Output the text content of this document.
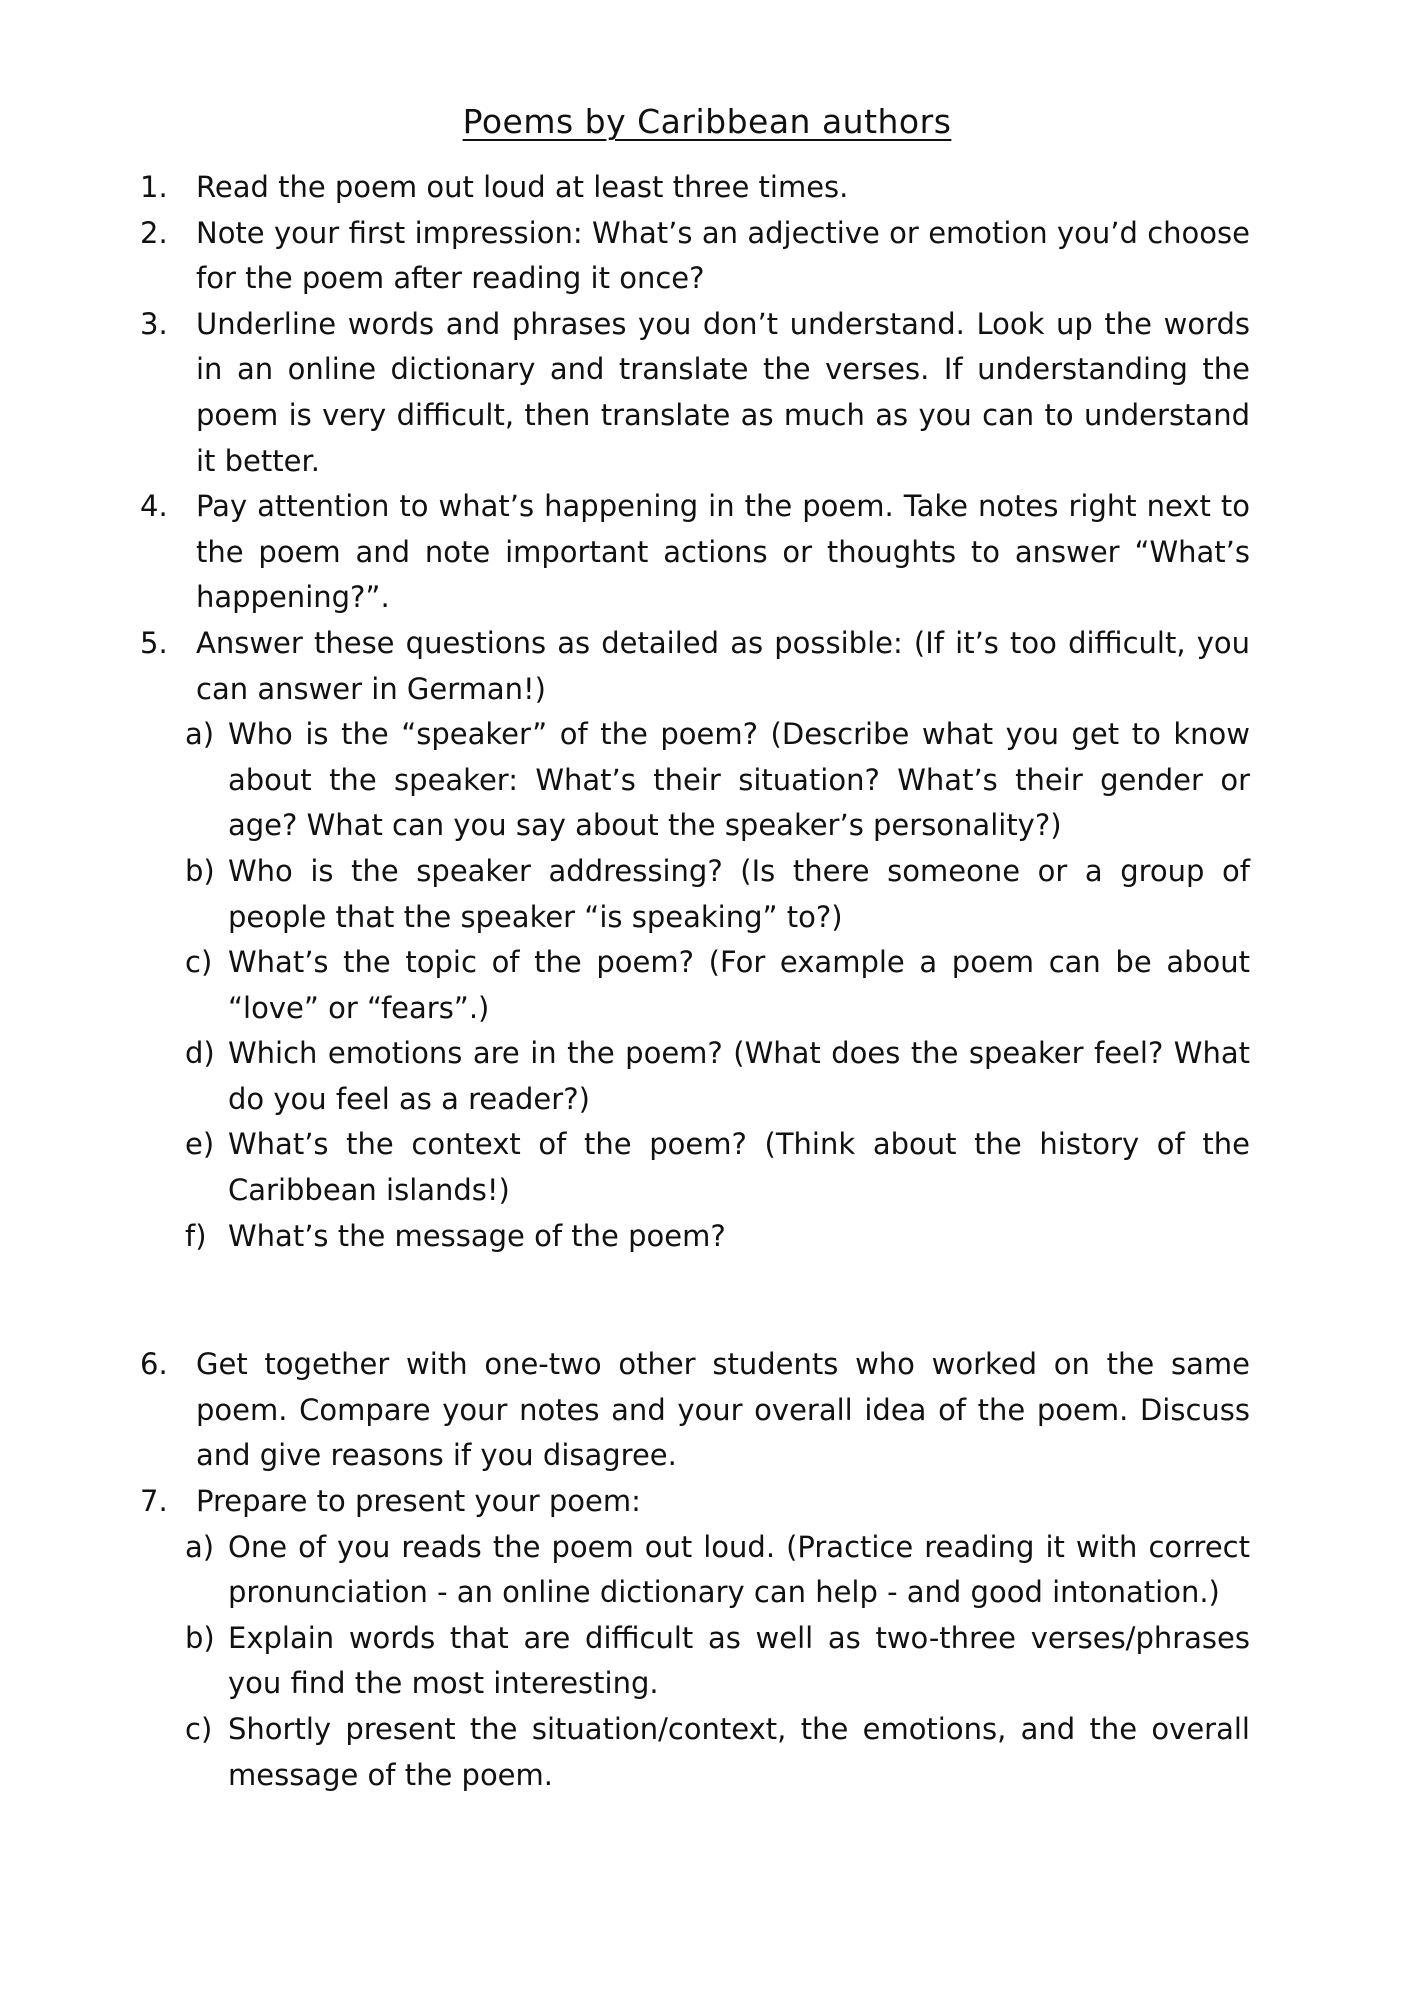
Poems by Caribbean authors
1. Read the poem out loud at least three times.
2. Note your first impression: What’s an adjective or emotion you’d choose for the poem after reading it once?
3. Underline words and phrases you don’t understand. Look up the words in an online dictionary and translate the verses. If understanding the poem is very difficult, then translate as much as you can to understand it better.
4. Pay attention to what’s happening in the poem. Take notes right next to the poem and note important actions or thoughts to answer “What’s happening?”.
5. Answer these questions as detailed as possible: (If it’s too difficult, you can answer in German!)
a) Who is the “speaker” of the poem? (Describe what you get to know about the speaker: What’s their situation? What’s their gender or age? What can you say about the speaker’s personality?)
b) Who is the speaker addressing? (Is there someone or a group of people that the speaker “is speaking” to?)
c) What’s the topic of the poem? (For example a poem can be about “love” or “fears”.)
d) Which emotions are in the poem? (What does the speaker feel? What do you feel as a reader?)
e) What’s the context of the poem? (Think about the history of the Caribbean islands!)
f) What’s the message of the poem?
6. Get together with one-two other students who worked on the same poem. Compare your notes and your overall idea of the poem. Discuss and give reasons if you disagree.
7. Prepare to present your poem:
a) One of you reads the poem out loud. (Practice reading it with correct pronunciation - an online dictionary can help - and good intonation.)
b) Explain words that are difficult as well as two-three verses/phrases you find the most interesting.
c) Shortly present the situation/context, the emotions, and the overall message of the poem.
